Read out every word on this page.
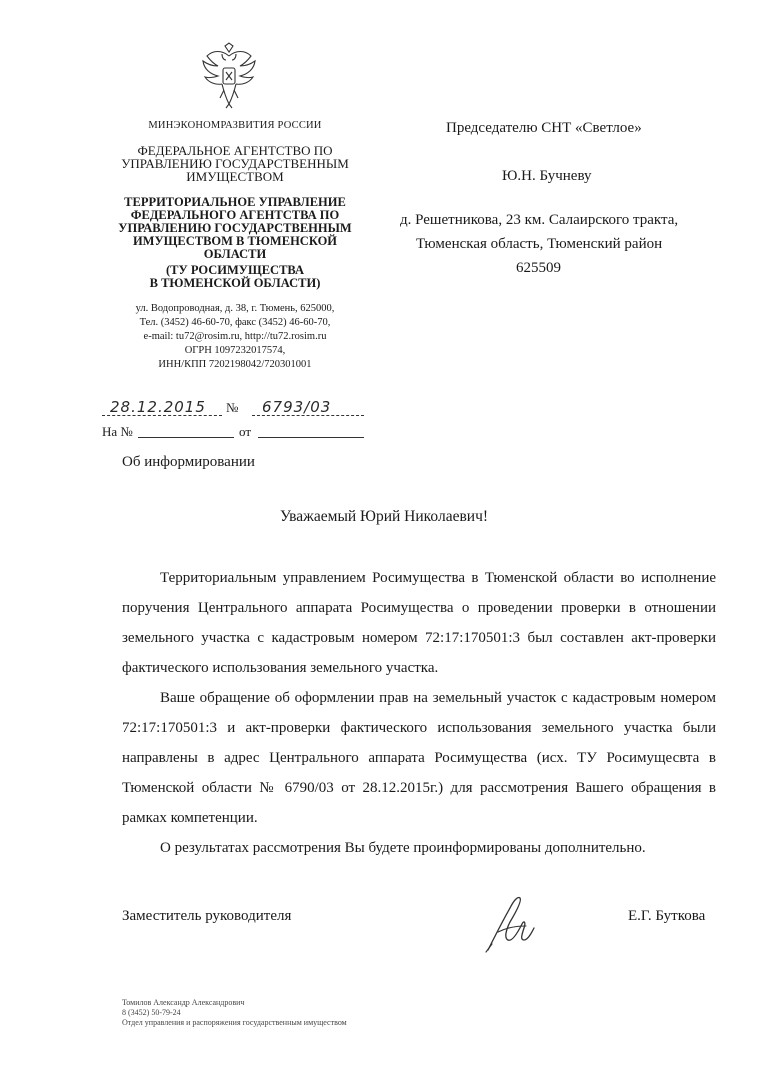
МИНЭКОНОМРАЗВИТИЯ РОССИИ
ФЕДЕРАЛЬНОЕ АГЕНТСТВО ПО
УПРАВЛЕНИЮ ГОСУДАРСТВЕННЫМ
ИМУЩЕСТВОМ
ТЕРРИТОРИАЛЬНОЕ УПРАВЛЕНИЕ
ФЕДЕРАЛЬНОГО АГЕНТСТВА ПО
УПРАВЛЕНИЮ ГОСУДАРСТВЕННЫМ
ИМУЩЕСТВОМ В ТЮМЕНСКОЙ
ОБЛАСТИ
(ТУ РОСИМУЩЕСТВА
В ТЮМЕНСКОЙ ОБЛАСТИ)
ул. Водопроводная, д. 38, г. Тюмень, 625000,
Тел. (3452) 46-60-70, факс (3452) 46-60-70,
e-mail: tu72@rosim.ru, http://tu72.rosim.ru
ОГРН 1097232017574,
ИНН/КПП 7202198042/720301001
28.12.2015 № 6793/03
На №	от
Об информировании
Председателю СНТ «Светлое»
Ю.Н. Бучневу
д. Решетникова, 23 км. Салаирского тракта,
Тюменская область, Тюменский район
625509
Уважаемый Юрий Николаевич!

Территориальным управлением Росимущества в Тюменской области во исполнение поручения Центрального аппарата Росимущества о проведении проверки в отношении земельного участка с кадастровым номером 72:17:170501:3 был составлен акт-проверки фактического использования земельного участка.

Ваше обращение об оформлении прав на земельный участок с кадастровым номером 72:17:170501:3 и акт-проверки фактического использования земельного участка были направлены в адрес Центрального аппарата Росимущества (исх. ТУ Росимущесвта в Тюменской области № 6790/03 от 28.12.2015г.) для рассмотрения Вашего обращения в рамках компетенции.

О результатах рассмотрения Вы будете проинформированы дополнительно.

Заместитель руководителя	Е.Г. Буткова
Томилов Александр Александрович
8 (3452) 50-79-24
Отдел управления и распоряжения государственным имуществом
